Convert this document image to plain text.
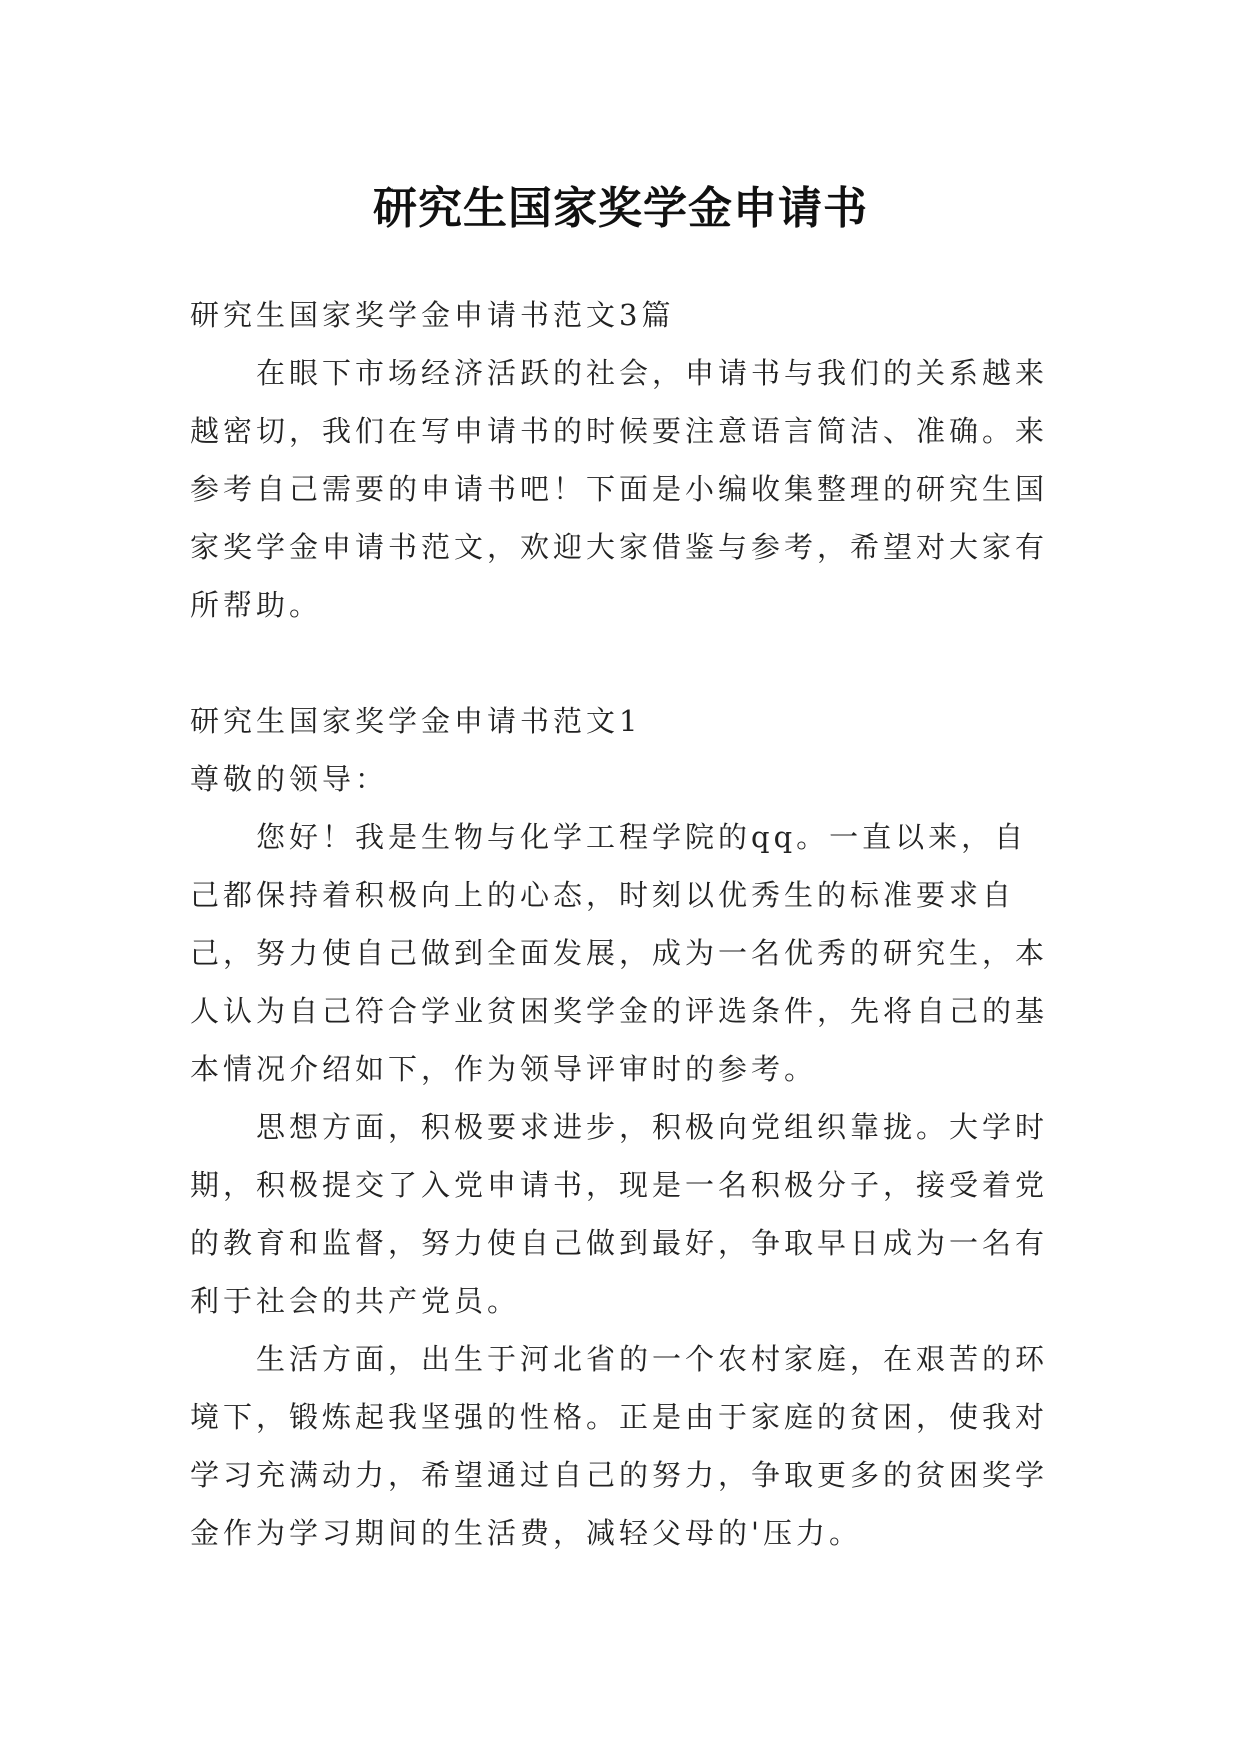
研究生国家奖学金申请书

研究生国家奖学金申请书范文3篇

在眼下市场经济活跃的社会，申请书与我们的关系越来越密切，我们在写申请书的时候要注意语言简洁、准确。来参考自己需要的申请书吧！下面是小编收集整理的研究生国家奖学金申请书范文，欢迎大家借鉴与参考，希望对大家有所帮助。

研究生国家奖学金申请书范文1

尊敬的领导：

您好！我是生物与化学工程学院的qq。一直以来，自己都保持着积极向上的心态，时刻以优秀生的标准要求自己，努力使自己做到全面发展，成为一名优秀的研究生，本人认为自己符合学业贫困奖学金的评选条件，先将自己的基本情况介绍如下，作为领导评审时的参考。

思想方面，积极要求进步，积极向党组织靠拢。大学时期，积极提交了入党申请书，现是一名积极分子，接受着党的教育和监督，努力使自己做到最好，争取早日成为一名有利于社会的共产党员。

生活方面，出生于河北省的一个农村家庭，在艰苦的环境下，锻炼起我坚强的性格。正是由于家庭的贫困，使我对学习充满动力，希望通过自己的努力，争取更多的贫困奖学金作为学习期间的生活费，减轻父母的'压力。
